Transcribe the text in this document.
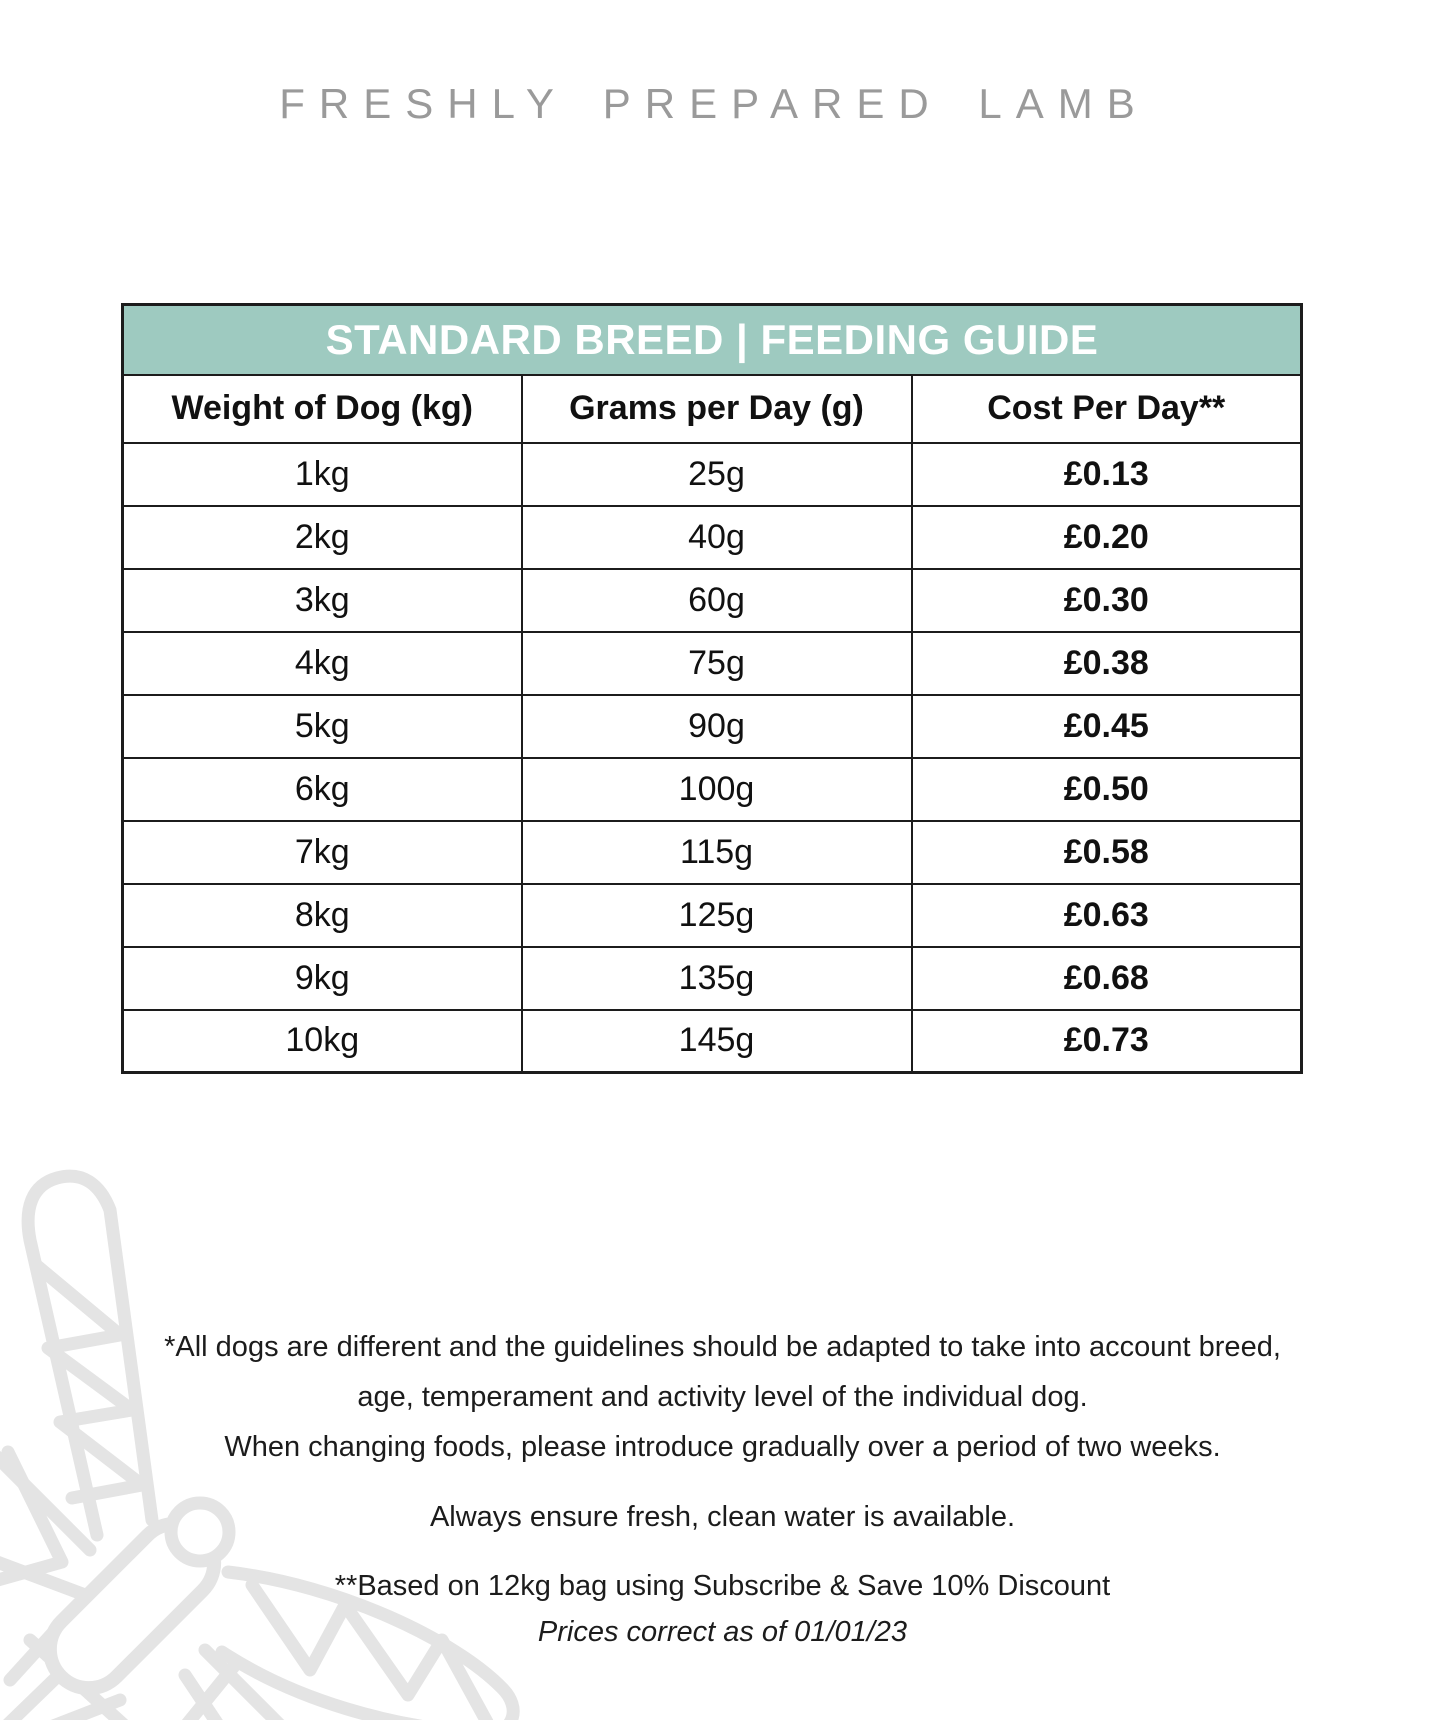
FRESHLY PREPARED LAMB
STANDARD BREED | FEEDING GUIDE		
Weight of Dog (kg)	Grams per Day (g)	Cost Per Day**
1kg	25g	£0.13
2kg	40g	£0.20
3kg	60g	£0.30
4kg	75g	£0.38
5kg	90g	£0.45
6kg	100g	£0.50
7kg	115g	£0.58
8kg	125g	£0.63
9kg	135g	£0.68
10kg	145g	£0.73
*All dogs are different and the guidelines should be adapted to take into account breed,
age, temperament and activity level of the individual dog.
When changing foods, please introduce gradually over a period of two weeks.
Always ensure fresh, clean water is available.
**Based on 12kg bag using Subscribe & Save 10% Discount
Prices correct as of 01/01/23
